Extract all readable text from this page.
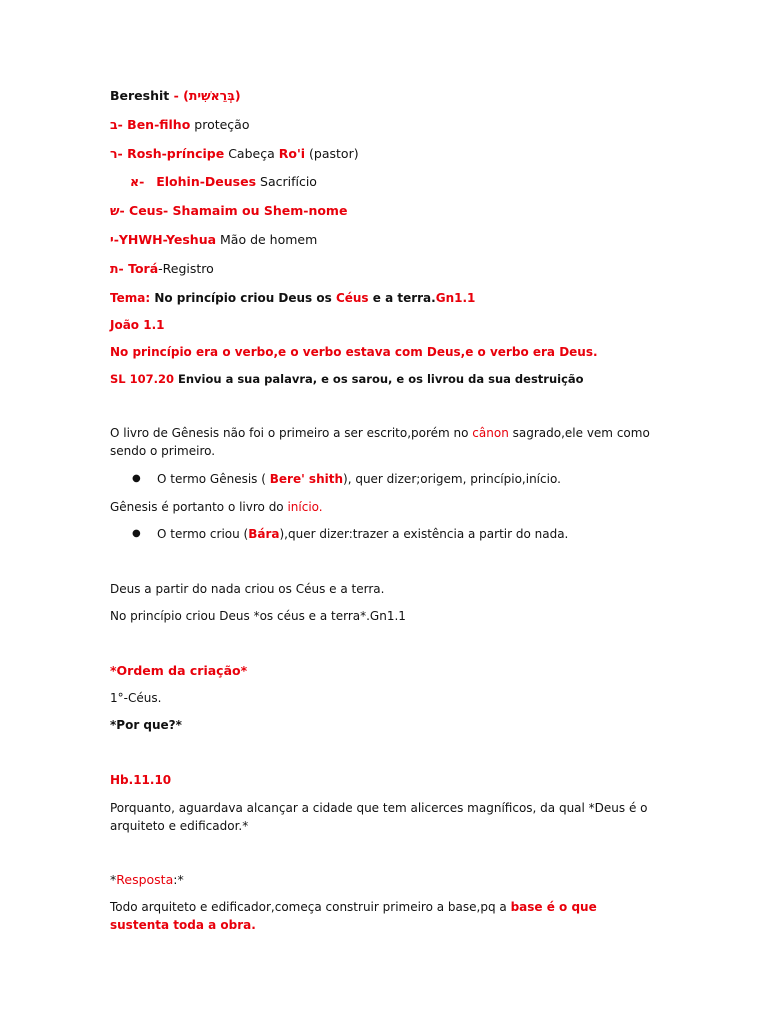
Bereshit - (בְּרֵאשִׁית)
ב- Ben-filho proteção
ר- Rosh-príncipe Cabeça Ro'i (pastor)
א- Elohin-Deuses Sacrifício
ש- Ceus- Shamaim ou Shem-nome
י-YHWH-Yeshua Mão de homem
ת- Torá-Registro
Tema: No princípio criou Deus os Céus e a terra.Gn1.1
João 1.1
No princípio era o verbo,e o verbo estava com Deus,e o verbo era Deus.
SL 107.20 Enviou a sua palavra, e os sarou, e os livrou da sua destruição
O livro de Gênesis não foi o primeiro a ser escrito,porém no cânon sagrado,ele vem como sendo o primeiro.
● O termo Gênesis ( Bere' shith), quer dizer;origem, princípio,início.
Gênesis é portanto o livro do início.
● O termo criou (Bára),quer dizer:trazer a existência a partir do nada.
Deus a partir do nada criou os Céus e a terra.
No princípio criou Deus *os céus e a terra*.Gn1.1
*Ordem da criação*
1°-Céus.
*Por que?*
Hb.11.10
Porquanto, aguardava alcançar a cidade que tem alicerces magníficos, da qual *Deus é o arquiteto e edificador.*
*Resposta:*
Todo arquiteto e edificador,começa construir primeiro a base,pq a base é o que sustenta toda a obra.
